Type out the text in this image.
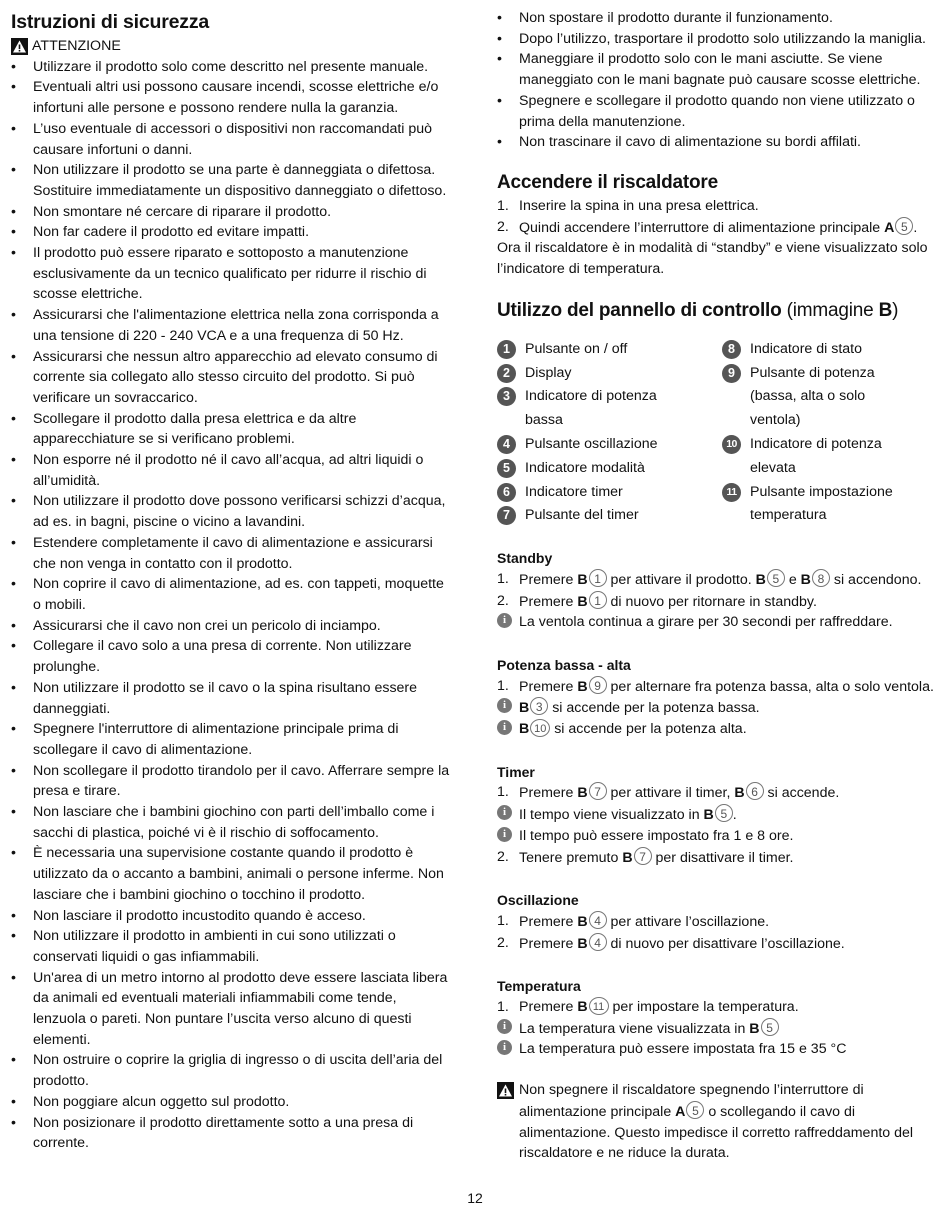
Istruzioni di sicurezza
ATTENZIONE
• Utilizzare il prodotto solo come descritto nel presente manuale.
• Eventuali altri usi possono causare incendi, scosse elettriche e/o infortuni alle persone e possono rendere nulla la garanzia.
• L’uso eventuale di accessori o dispositivi non raccomandati può causare infortuni o danni.
• Non utilizzare il prodotto se una parte è danneggiata o difettosa. Sostituire immediatamente un dispositivo danneggiato o difettoso.
• Non smontare né cercare di riparare il prodotto.
• Non far cadere il prodotto ed evitare impatti.
• Il prodotto può essere riparato e sottoposto a manutenzione esclusivamente da un tecnico qualificato per ridurre il rischio di scosse elettriche.
• Assicurarsi che l'alimentazione elettrica nella zona corrisponda a una tensione di 220 - 240 VCA e a una frequenza di 50 Hz.
• Assicurarsi che nessun altro apparecchio ad elevato consumo di corrente sia collegato allo stesso circuito del prodotto. Si può verificare un sovraccarico.
• Scollegare il prodotto dalla presa elettrica e da altre apparecchiature se si verificano problemi.
• Non esporre né il prodotto né il cavo all’acqua, ad altri liquidi o all’umidità.
• Non utilizzare il prodotto dove possono verificarsi schizzi d’acqua, ad es. in bagni, piscine o vicino a lavandini.
• Estendere completamente il cavo di alimentazione e assicurarsi che non venga in contatto con il prodotto.
• Non coprire il cavo di alimentazione, ad es. con tappeti, moquette o mobili.
• Assicurarsi che il cavo non crei un pericolo di inciampo.
• Collegare il cavo solo a una presa di corrente. Non utilizzare prolunghe.
• Non utilizzare il prodotto se il cavo o la spina risultano essere danneggiati.
• Spegnere l'interruttore di alimentazione principale prima di scollegare il cavo di alimentazione.
• Non scollegare il prodotto tirandolo per il cavo. Afferrare sempre la presa e tirare.
• Non lasciare che i bambini giochino con parti dell’imballo come i sacchi di plastica, poiché vi è il rischio di soffocamento.
• È necessaria una supervisione costante quando il prodotto è utilizzato da o accanto a bambini, animali o persone inferme. Non lasciare che i bambini giochino o tocchino il prodotto.
• Non lasciare il prodotto incustodito quando è acceso.
• Non utilizzare il prodotto in ambienti in cui sono utilizzati o conservati liquidi o gas infiammabili.
• Un'area di un metro intorno al prodotto deve essere lasciata libera da animali ed eventuali materiali infiammabili come tende, lenzuola o pareti. Non puntare l’uscita verso alcuno di questi elementi.
• Non ostruire o coprire la griglia di ingresso o di uscita dell’aria del prodotto.
• Non poggiare alcun oggetto sul prodotto.
• Non posizionare il prodotto direttamente sotto a una presa di corrente.
• Non spostare il prodotto durante il funzionamento.
• Dopo l’utilizzo, trasportare il prodotto solo utilizzando la maniglia.
• Maneggiare il prodotto solo con le mani asciutte. Se viene maneggiato con le mani bagnate può causare scosse elettriche.
• Spegnere e scollegare il prodotto quando non viene utilizzato o prima della manutenzione.
• Non trascinare il cavo di alimentazione su bordi affilati.
Accendere il riscaldatore
1. Inserire la spina in una presa elettrica.
2. Quindi accendere l’interruttore di alimentazione principale A 5 .
Ora il riscaldatore è in modalità di “standby” e viene visualizzato solo l’indicatore di temperatura.
Utilizzo del pannello di controllo (immagine B)
1	Pulsante on / off
2	Display
3	Indicatore di potenza bassa
4	Pulsante oscillazione
5	Indicatore modalità
6	Indicatore timer
7	Pulsante del timer
8	Indicatore di stato
9	Pulsante di potenza (bassa, alta o solo ventola)
10 Indicatore di potenza elevata
11 Pulsante impostazione temperatura
Standby
1. Premere B 1 per attivare il prodotto. B 5 e B 8 si accendono.
2. Premere B 1 di nuovo per ritornare in standby.
i La ventola continua a girare per 30 secondi per raffreddare.
Potenza bassa - alta
1. Premere B 9 per alternare fra potenza bassa, alta o solo ventola.
i B 3 si accende per la potenza bassa.
i B 10 si accende per la potenza alta.
Timer
1. Premere B 7 per attivare il timer, B 6 si accende.
i Il tempo viene visualizzato in B 5 .
i Il tempo può essere impostato fra 1 e 8 ore.
2. Tenere premuto B 7 per disattivare il timer.
Oscillazione
1. Premere B 4 per attivare l’oscillazione.
2. Premere B 4 di nuovo per disattivare l’oscillazione.
Temperatura
1. Premere B 11 per impostare la temperatura.
i La temperatura viene visualizzata in B 5
i La temperatura può essere impostata fra 15 e 35 °C
Non spegnere il riscaldatore spegnendo l’interruttore di alimentazione principale A 5 o scollegando il cavo di alimentazione. Questo impedisce il corretto raffreddamento del riscaldatore e ne riduce la durata.
12
